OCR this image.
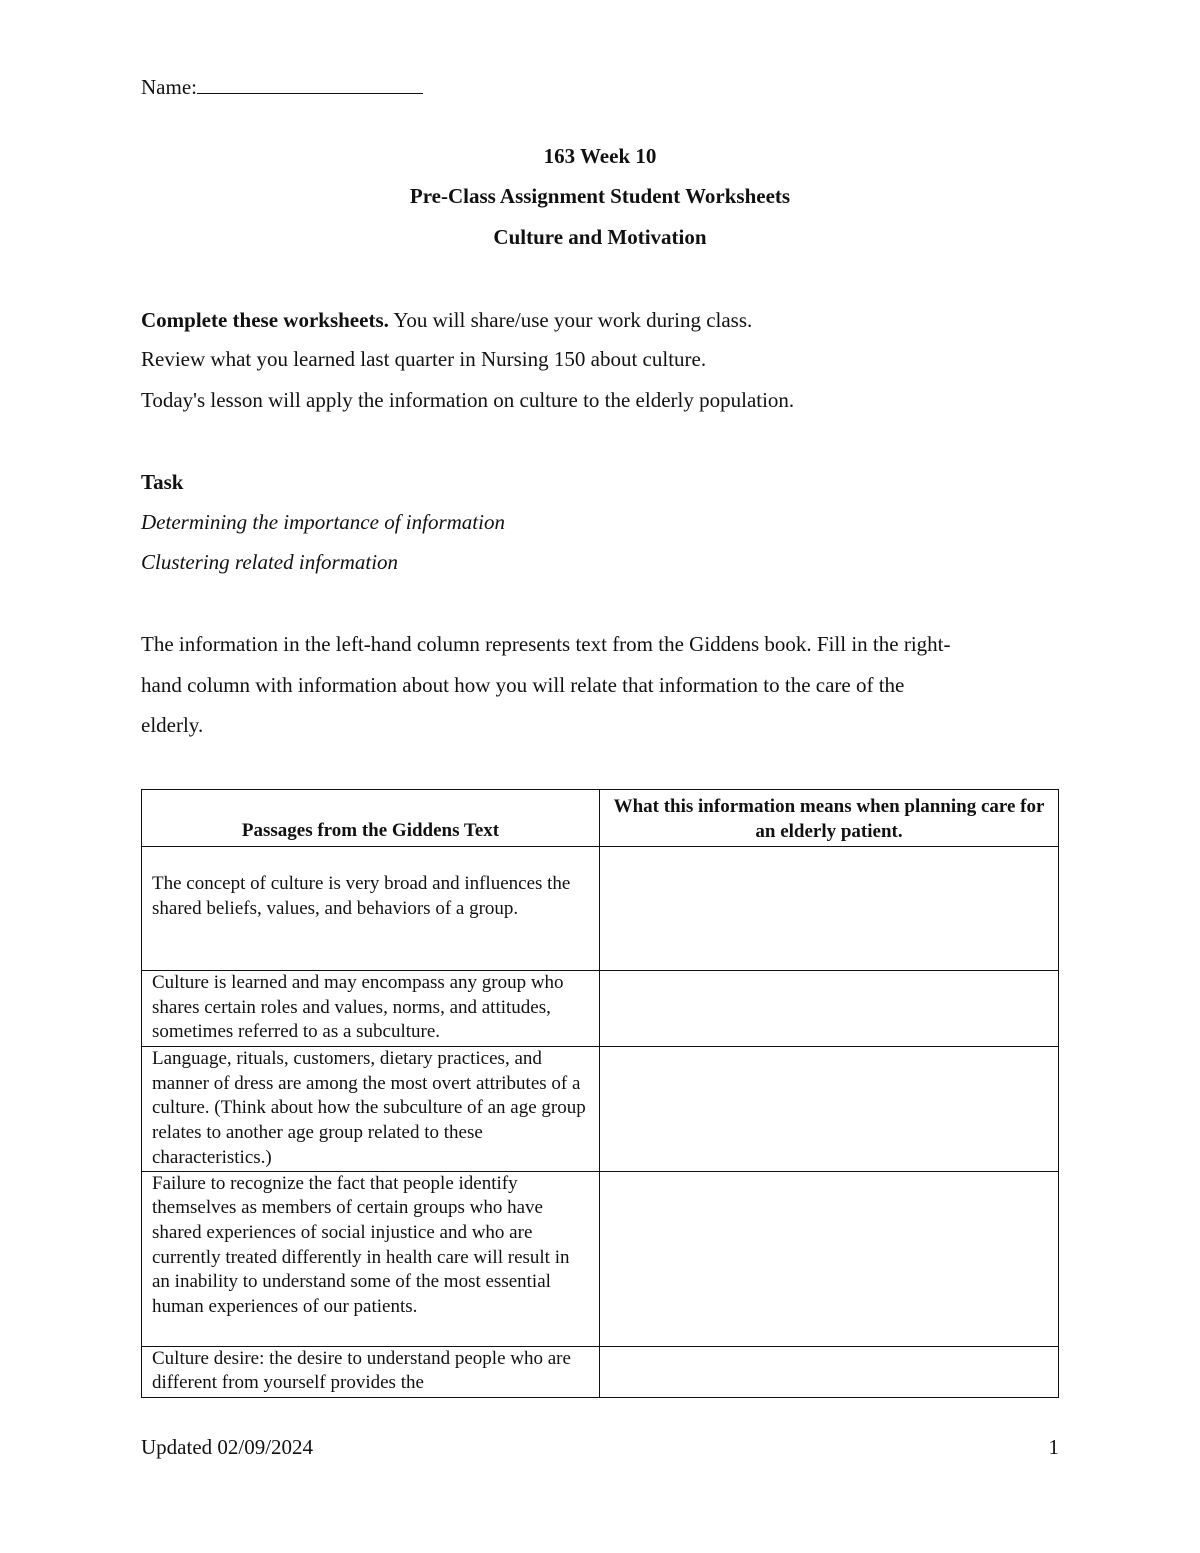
Name:
163 Week 10
Pre-Class Assignment Student Worksheets
Culture and Motivation
Complete these worksheets. You will share/use your work during class.
Review what you learned last quarter in Nursing 150 about culture.
Today's lesson will apply the information on culture to the elderly population.
Task
Determining the importance of information
Clustering related information
The information in the left-hand column represents text from the Giddens book. Fill in the right-
hand column with information about how you will relate that information to the care of the
elderly.
Passages from the Giddens Text	What this information means when planning care for an elderly patient.
The concept of culture is very broad and influences the shared beliefs, values, and behaviors of a group.	
Culture is learned and may encompass any group who shares certain roles and values, norms, and attitudes, sometimes referred to as a subculture.	
Language, rituals, customers, dietary practices, and manner of dress are among the most overt attributes of a culture. (Think about how the subculture of an age group relates to another age group related to these characteristics.)	
Failure to recognize the fact that people identify themselves as members of certain groups who have shared experiences of social injustice and who are currently treated differently in health care will result in an inability to understand some of the most essential human experiences of our patients.	

Culture desire: the desire to understand people who are different from yourself provides the	

Updated 02/09/2024	1
